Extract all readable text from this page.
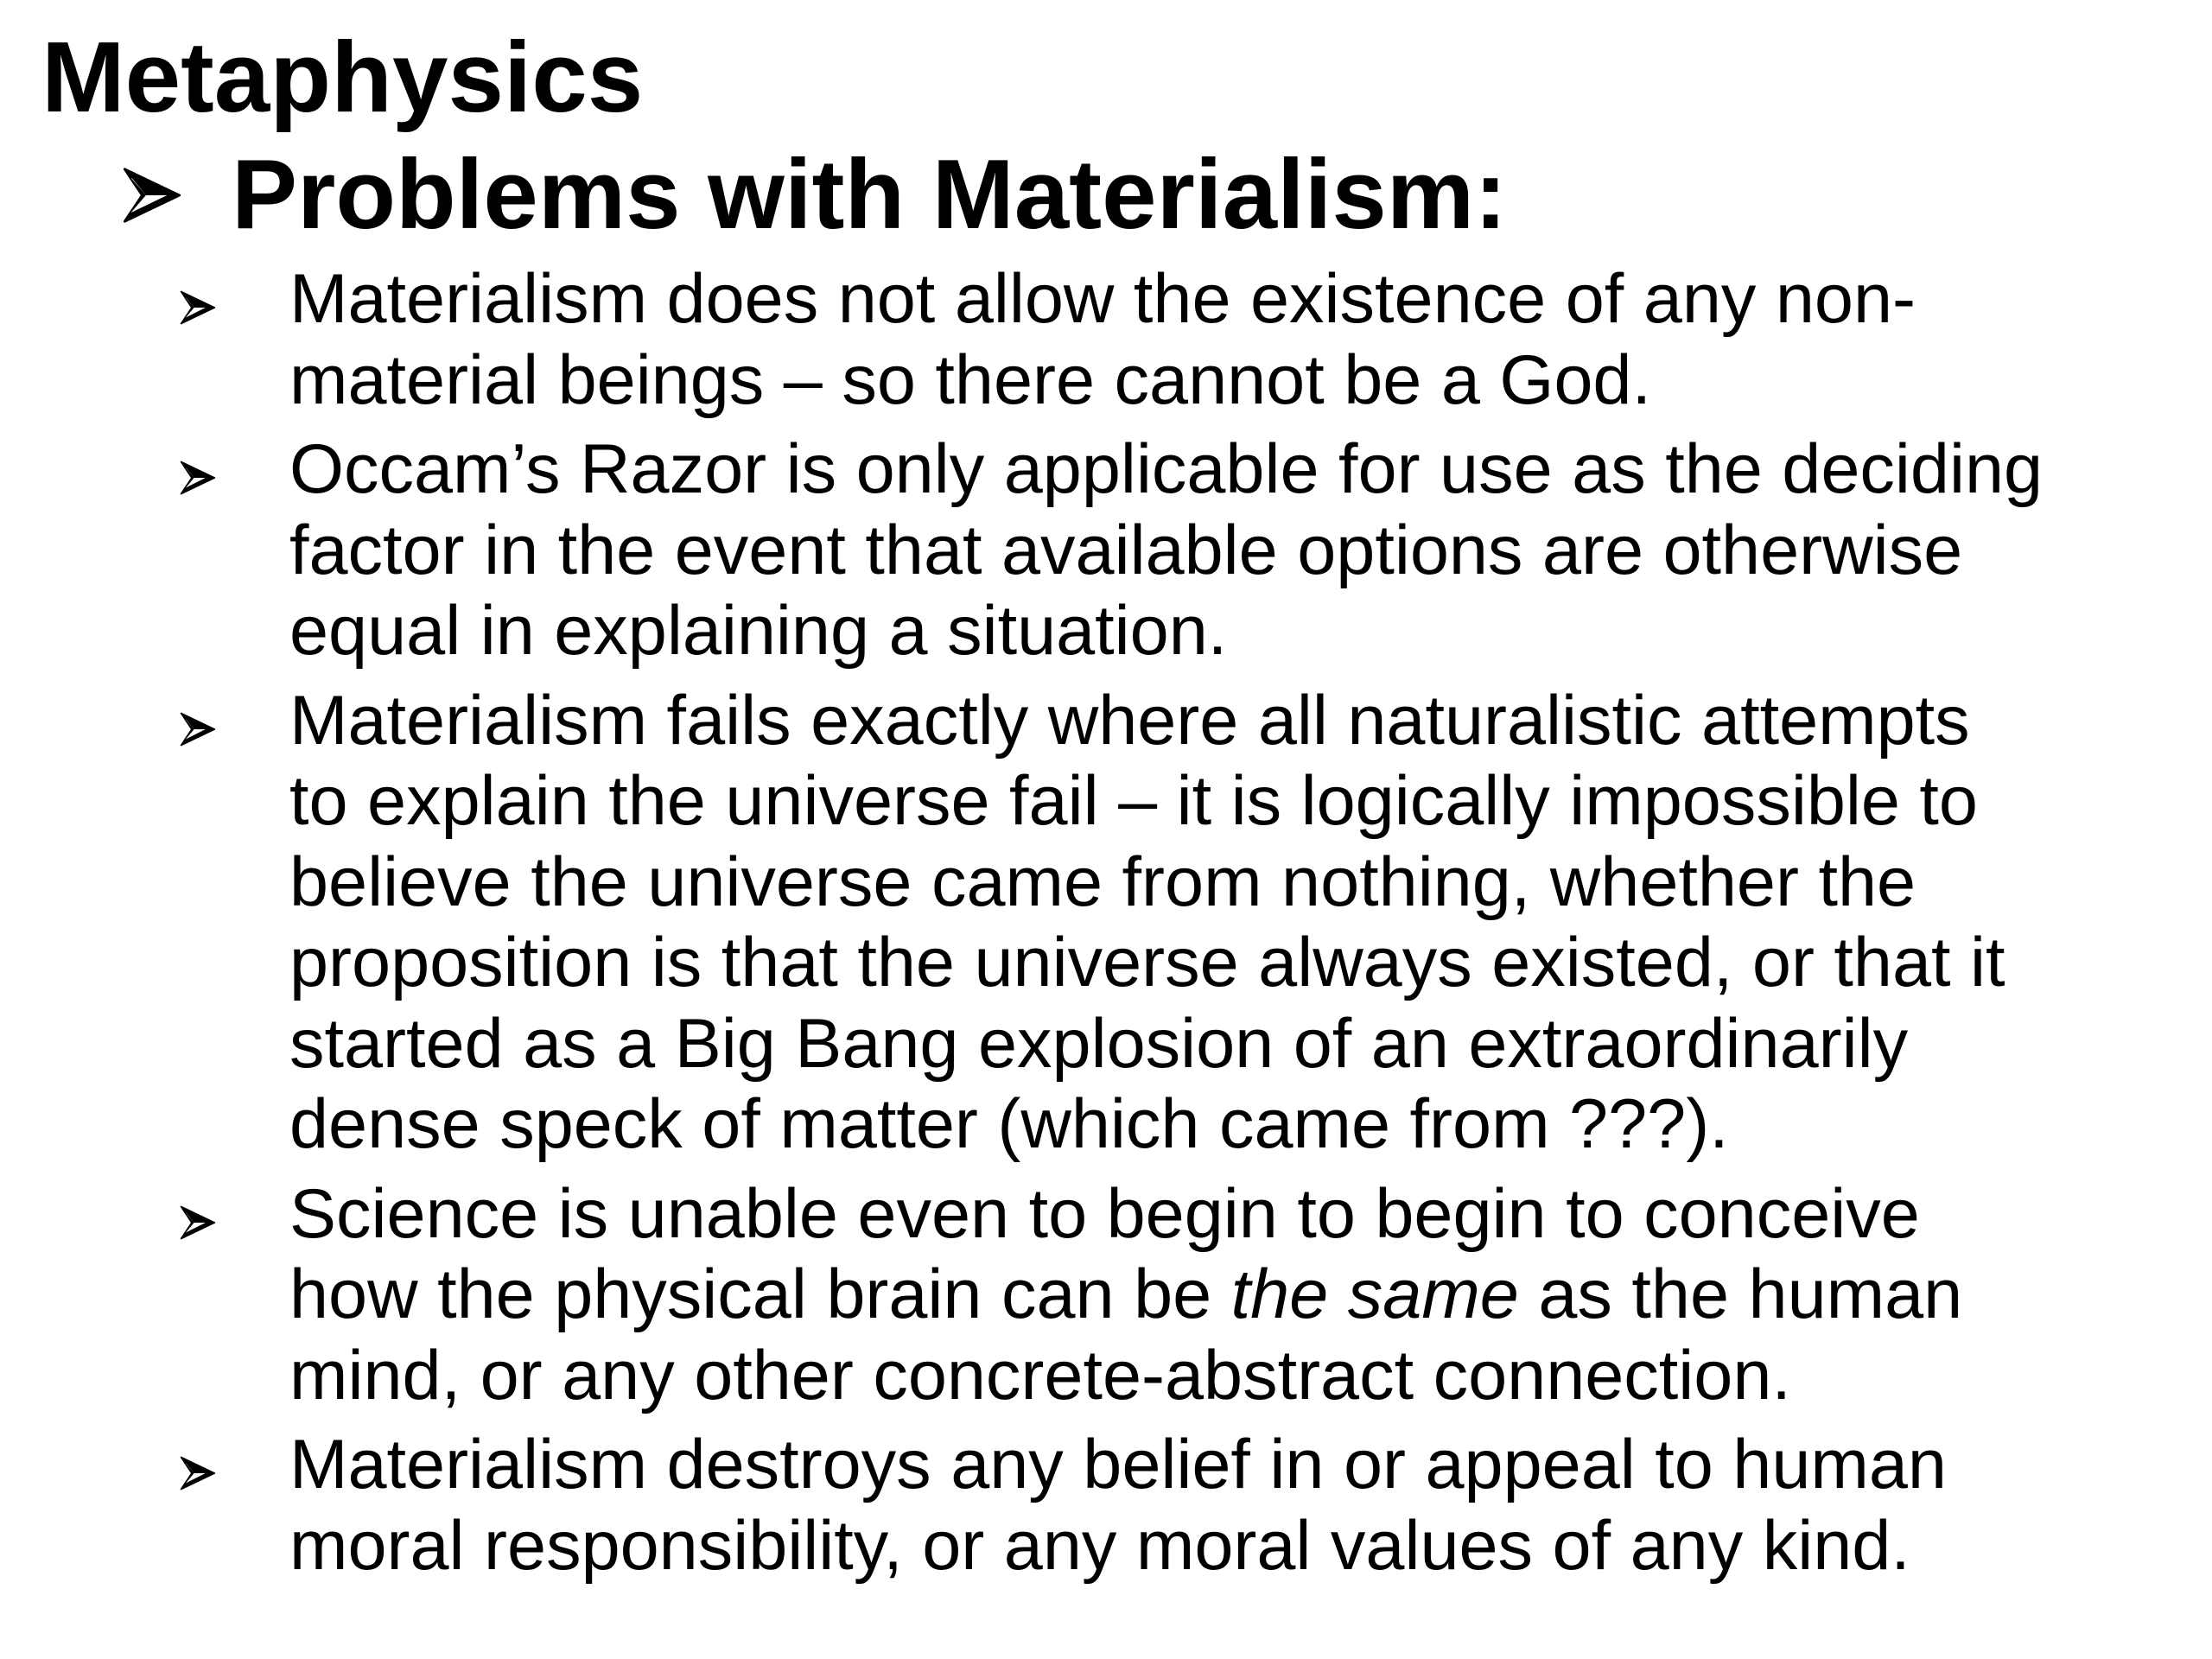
Metaphysics
Problems with Materialism:
Materialism does not allow the existence of any non-
material beings – so there cannot be a God.
Occam’s Razor is only applicable for use as the deciding
factor in the event that available options are otherwise
equal in explaining a situation.
Materialism fails exactly where all naturalistic attempts
to explain the universe fail – it is logically impossible to
believe the universe came from nothing, whether the
proposition is that the universe always existed, or that it
started as a Big Bang explosion of an extraordinarily
dense speck of matter (which came from ???).
Science is unable even to begin to begin to conceive
how the physical brain can be the same as the human
mind, or any other concrete-abstract connection.
Materialism destroys any belief in or appeal to human
moral responsibility, or any moral values of any kind.
